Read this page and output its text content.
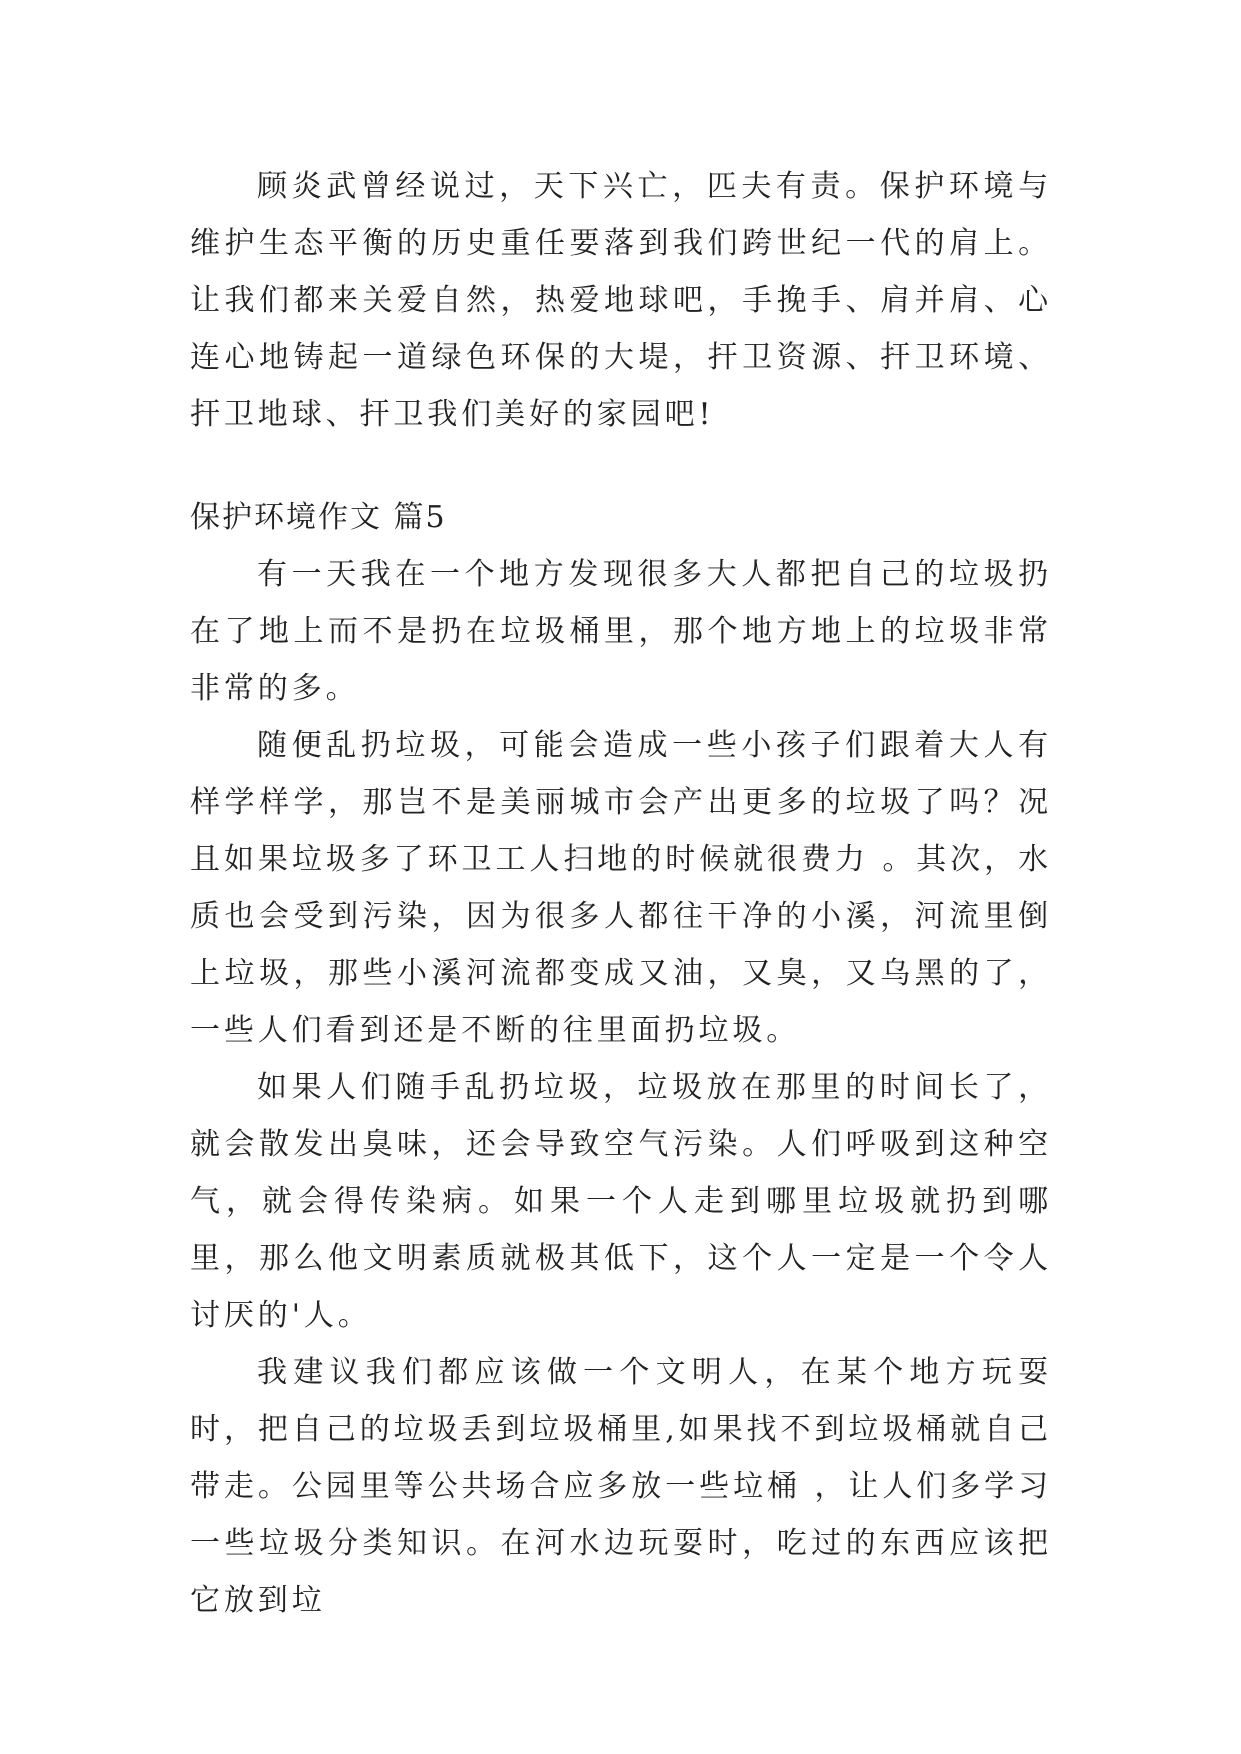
顾炎武曾经说过，天下兴亡，匹夫有责。保护环境与维护生态平衡的历史重任要落到我们跨世纪一代的肩上。让我们都来关爱自然，热爱地球吧，手挽手、肩并肩、心连心地铸起一道绿色环保的大堤，扞卫资源、扞卫环境、扞卫地球、扞卫我们美好的家园吧!

保护环境作文 篇5

有一天我在一个地方发现很多大人都把自己的垃圾扔在了地上而不是扔在垃圾桶里，那个地方地上的垃圾非常非常的多。

随便乱扔垃圾，可能会造成一些小孩子们跟着大人有样学样学，那岂不是美丽城市会产出更多的垃圾了吗？况且如果垃圾多了环卫工人扫地的时候就很费力 。其次，水质也会受到污染，因为很多人都往干净的小溪，河流里倒上垃圾，那些小溪河流都变成又油，又臭，又乌黑的了，一些人们看到还是不断的往里面扔垃圾。

如果人们随手乱扔垃圾，垃圾放在那里的时间长了，就会散发出臭味，还会导致空气污染。人们呼吸到这种空气，就会得传染病。如果一个人走到哪里垃圾就扔到哪里，那么他文明素质就极其低下，这个人一定是一个令人讨厌的'人。

我建议我们都应该做一个文明人，在某个地方玩耍时，把自己的垃圾丢到垃圾桶里,如果找不到垃圾桶就自己带走。公园里等公共场合应多放一些垃桶 ，让人们多学习一些垃圾分类知识。在河水边玩耍时，吃过的东西应该把它放到垃
